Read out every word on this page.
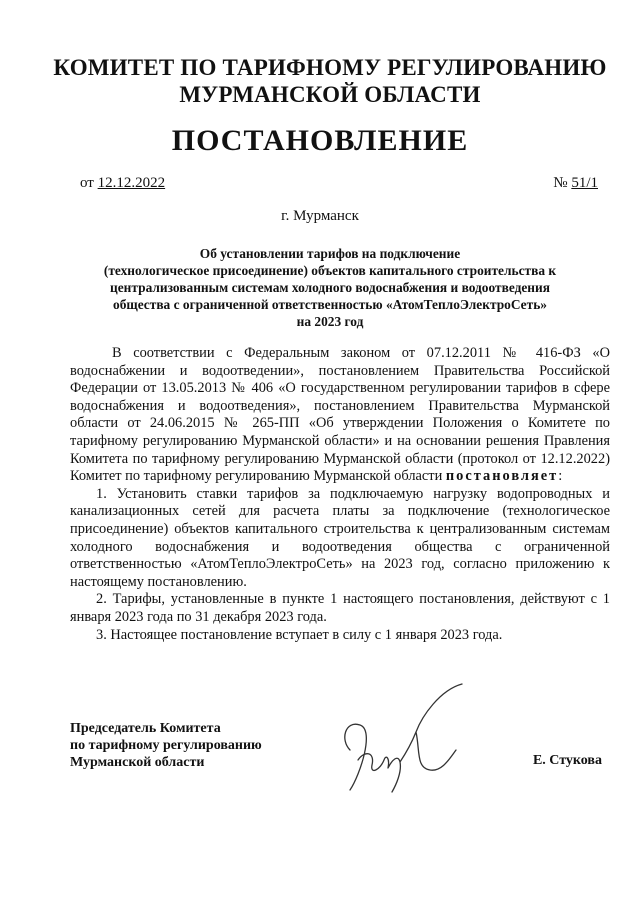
КОМИТЕТ ПО ТАРИФНОМУ РЕГУЛИРОВАНИЮ
МУРМАНСКОЙ ОБЛАСТИ
ПОСТАНОВЛЕНИЕ
от 12.12.2022	№ 51/1
г. Мурманск
Об установлении тарифов на подключение
(технологическое присоединение) объектов капитального строительства к
централизованным системам холодного водоснабжения и водоотведения
общества с ограниченной ответственностью «АтомТеплоЭлектроСеть»
на 2023 год

В соответствии с Федеральным законом от 07.12.2011 № 416-ФЗ «О водоснабжении и водоотведении», постановлением Правительства Российской Федерации от 13.05.2013 № 406 «О государственном регулировании тарифов в сфере водоснабжения и водоотведения», постановлением Правительства Мурманской области от 24.06.2015 № 265-ПП «Об утверждении Положения о Комитете по тарифному регулированию Мурманской области» и на основании решения Правления Комитета по тарифному регулированию Мурманской области (протокол от 12.12.2022) Комитет по тарифному регулированию Мурманской области постановляет:

1. Установить ставки тарифов за подключаемую нагрузку водопроводных и канализационных сетей для расчета платы за подключение (технологическое присоединение) объектов капитального строительства к централизованным системам холодного водоснабжения и водоотведения общества с ограниченной ответственностью «АтомТеплоЭлектроСеть» на 2023 год, согласно приложению к настоящему постановлению.

2. Тарифы, установленные в пункте 1 настоящего постановления, действуют с 1 января 2023 года по 31 декабря 2023 года.

3. Настоящее постановление вступает в силу с 1 января 2023 года.

Председатель Комитета
по тарифному регулированию
Мурманской области	Е. Стукова
